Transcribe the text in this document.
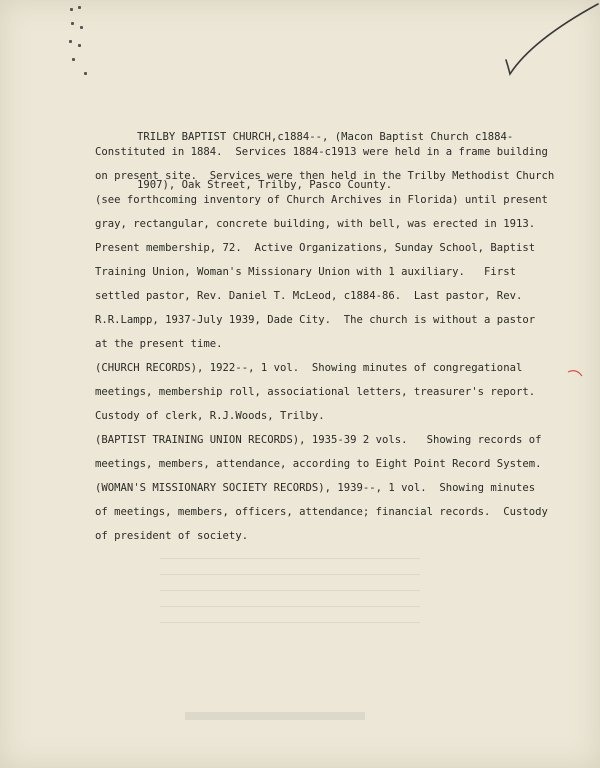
TRILBY BAPTIST CHURCH,c1884--, (Macon Baptist Church c1884-

1907), Oak Street, Trilby, Pasco County.

Constituted in 1884.  Services 1884-c1913 were held in a frame building
on present site.  Services were then held in the Trilby Methodist Church
(see forthcoming inventory of Church Archives in Florida) until present
gray, rectangular, concrete building, with bell, was erected in 1913.
Present membership, 72.  Active Organizations, Sunday School, Baptist
Training Union, Woman's Missionary Union with 1 auxiliary.   First
settled pastor, Rev. Daniel T. McLeod, c1884-86.  Last pastor, Rev.
R.R.Lampp, 1937-July 1939, Dade City.  The church is without a pastor
at the present time.
(CHURCH RECORDS), 1922--, 1 vol.  Showing minutes of congregational
meetings, membership roll, associational letters, treasurer's report.
Custody of clerk, R.J.Woods, Trilby.
(BAPTIST TRAINING UNION RECORDS), 1935-39 2 vols.   Showing records of
meetings, members, attendance, according to Eight Point Record System.
(WOMAN'S MISSIONARY SOCIETY RECORDS), 1939--, 1 vol.  Showing minutes
of meetings, members, officers, attendance; financial records.  Custody
of president of society.
